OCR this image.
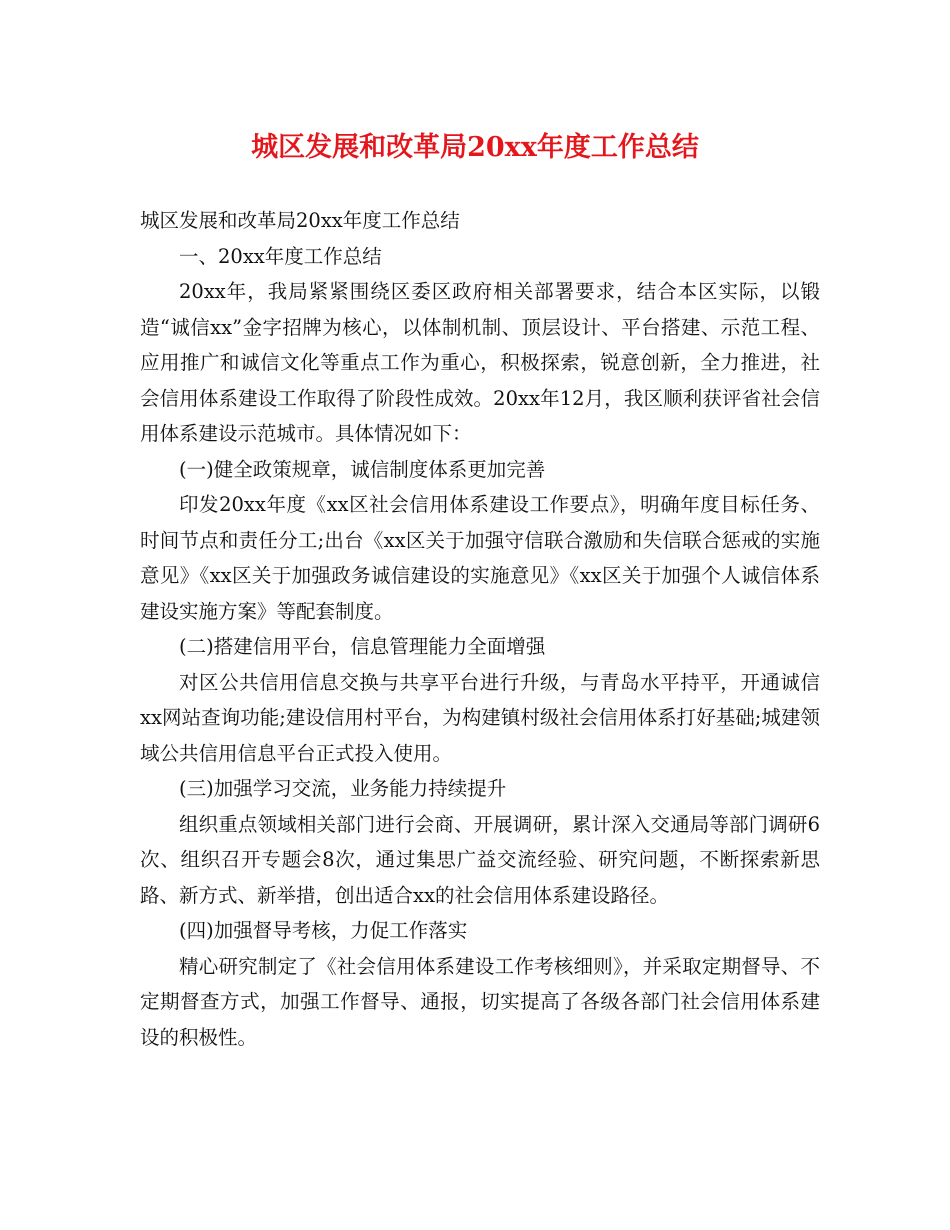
城区发展和改革局20xx年度工作总结

城区发展和改革局20xx年度工作总结

一、20xx年度工作总结

20xx年，我局紧紧围绕区委区政府相关部署要求，结合本区实际，以锻造“诚信xx”金字招牌为核心，以体制机制、顶层设计、平台搭建、示范工程、应用推广和诚信文化等重点工作为重心，积极探索，锐意创新，全力推进，社会信用体系建设工作取得了阶段性成效。20xx年12月，我区顺利获评省社会信用体系建设示范城市。具体情况如下：

(一)健全政策规章，诚信制度体系更加完善

印发20xx年度《xx区社会信用体系建设工作要点》，明确年度目标任务、时间节点和责任分工;出台《xx区关于加强守信联合激励和失信联合惩戒的实施意见》《xx区关于加强政务诚信建设的实施意见》《xx区关于加强个人诚信体系建设实施方案》等配套制度。

(二)搭建信用平台，信息管理能力全面增强

对区公共信用信息交换与共享平台进行升级，与青岛水平持平，开通诚信xx网站查询功能;建设信用村平台，为构建镇村级社会信用体系打好基础;城建领域公共信用信息平台正式投入使用。

(三)加强学习交流，业务能力持续提升

组织重点领域相关部门进行会商、开展调研，累计深入交通局等部门调研6次、组织召开专题会8次，通过集思广益交流经验、研究问题，不断探索新思路、新方式、新举措，创出适合xx的社会信用体系建设路径。

(四)加强督导考核，力促工作落实

精心研究制定了《社会信用体系建设工作考核细则》，并采取定期督导、不定期督查方式，加强工作督导、通报，切实提高了各级各部门社会信用体系建设的积极性。
